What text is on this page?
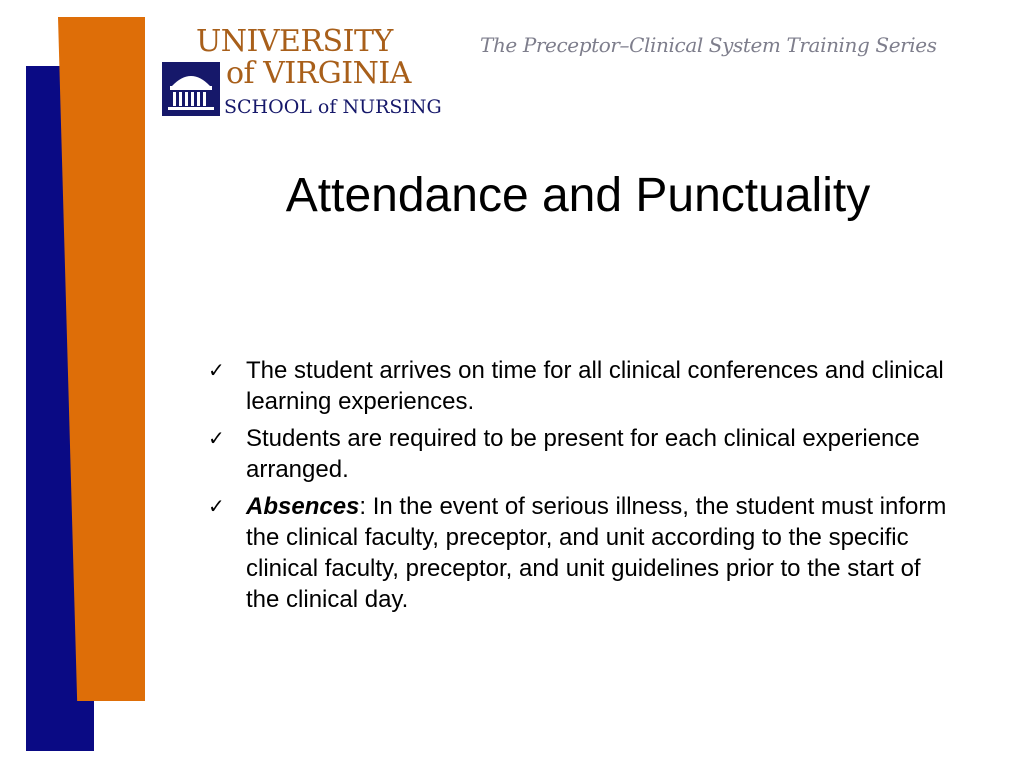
UNIVERSITY
of VIRGINIA
SCHOOL of NURSING
The Preceptor–Clinical System Training Series
Attendance and Punctuality
✓ The student arrives on time for all clinical conferences and clinical learning experiences.
✓ Students are required to be present for each clinical experience arranged.
✓ Absences: In the event of serious illness, the student must inform the clinical faculty, preceptor, and unit according to the specific clinical faculty, preceptor, and unit guidelines prior to the start of the clinical day.
